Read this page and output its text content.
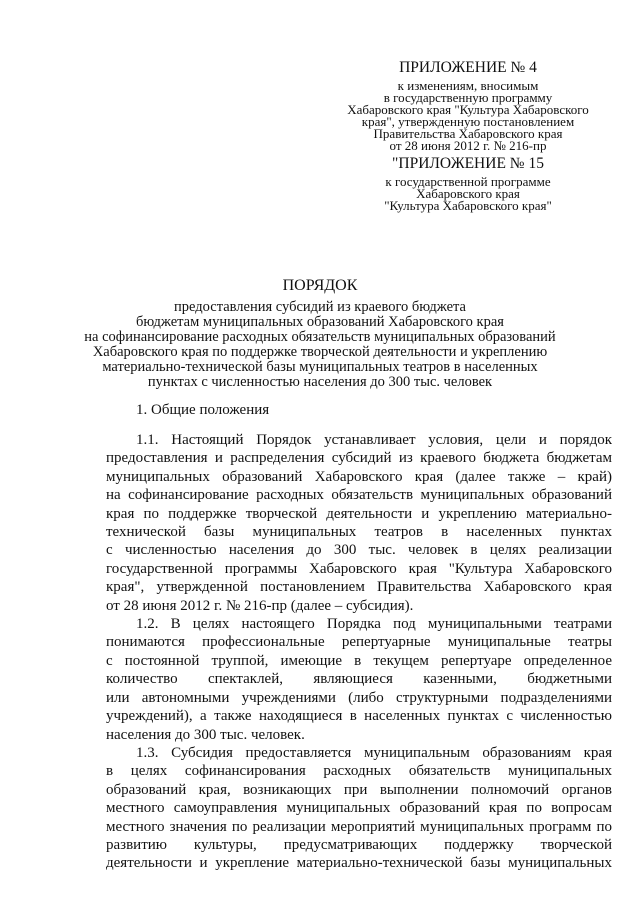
ПРИЛОЖЕНИЕ № 4
к изменениям, вносимым
в государственную программу
Хабаровского края "Культура Хабаровского
края", утвержденную постановлением
Правительства Хабаровского края
от 28 июня 2012 г. № 216-пр
"ПРИЛОЖЕНИЕ № 15
к государственной программе
Хабаровского края
"Культура Хабаровского края"
ПОРЯДОК
предоставления субсидий из краевого бюджета
бюджетам муниципальных образований Хабаровского края
на софинансирование расходных обязательств муниципальных образований
Хабаровского края по поддержке творческой деятельности и укреплению
материально-технической базы муниципальных театров в населенных
пунктах с численностью населения до 300 тыс. человек
1. Общие положения

1.1. Настоящий Порядок устанавливает условия, цели и порядок
предоставления и распределения субсидий из краевого бюджета бюджетам
муниципальных образований Хабаровского края (далее также – край)
на софинансирование расходных обязательств муниципальных образований
края по поддержке творческой деятельности и укреплению материально-
технической базы муниципальных театров в населенных пунктах
с численностью населения до 300 тыс. человек в целях реализации
государственной программы Хабаровского края "Культура Хабаровского
края", утвержденной постановлением Правительства Хабаровского края
от 28 июня 2012 г. № 216-пр (далее – субсидия).

1.2. В целях настоящего Порядка под муниципальными театрами
понимаются профессиональные репертуарные муниципальные театры
с постоянной труппой, имеющие в текущем репертуаре определенное
количество спектаклей, являющиеся казенными, бюджетными
или автономными учреждениями (либо структурными подразделениями
учреждений), а также находящиеся в населенных пунктах с численностью
населения до 300 тыс. человек.

1.3. Субсидия предоставляется муниципальным образованиям края
в целях софинансирования расходных обязательств муниципальных
образований края, возникающих при выполнении полномочий органов
местного самоуправления муниципальных образований края по вопросам
местного значения по реализации мероприятий муниципальных программ по
развитию культуры, предусматривающих поддержку творческой
деятельности и укрепление материально-технической базы муниципальных
